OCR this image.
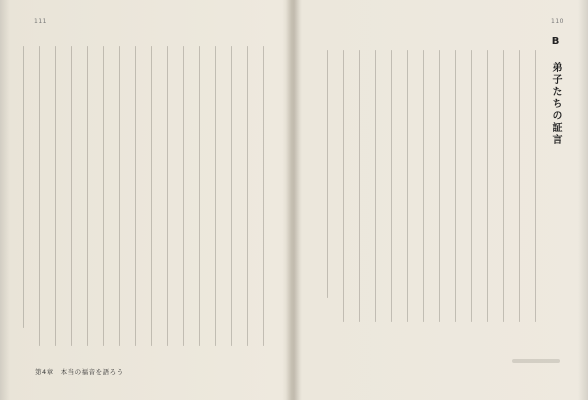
111
第4章　本当の福音を語ろう
110
B 弟子たちの証言
